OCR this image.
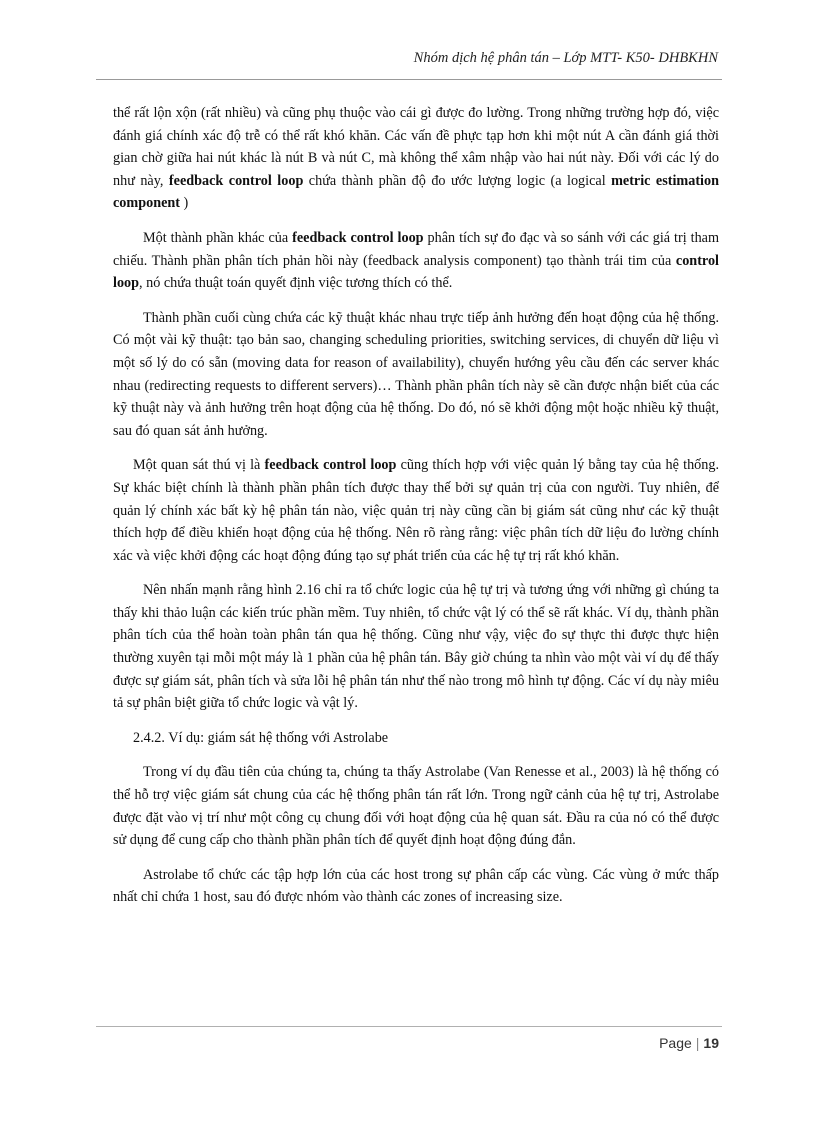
Nhóm dịch hệ phân tán – Lớp MTT- K50- DHBKHN

thể rất lộn xộn (rất nhiều) và cũng phụ thuộc vào cái gì được đo lường. Trong những trường hợp đó, việc đánh giá chính xác độ trễ có thể rất khó khăn. Các vấn đề phực tạp hơn khi một nút A cần đánh giá thời gian chờ giữa hai nút khác là nút B và nút C, mà không thể xâm nhập vào hai nút này. Đối với các lý do như này, feedback control loop chứa thành phần độ đo ước lượng logic (a logical metric estimation component )

Một thành phần khác của feedback control loop phân tích sự đo đạc và so sánh với các giá trị tham chiếu. Thành phần phân tích phản hồi này (feedback analysis component) tạo thành trái tim của control loop, nó chứa thuật toán quyết định việc tương thích có thể.

Thành phần cuối cùng chứa các kỹ thuật khác nhau trực tiếp ảnh hưởng đến hoạt động của hệ thống. Có một vài kỹ thuật: tạo bản sao, changing scheduling priorities, switching services, di chuyển dữ liệu vì một số lý do có sẵn (moving data for reason of availability), chuyển hướng yêu cầu đến các server khác nhau (redirecting requests to different servers)… Thành phần phân tích này sẽ cần được nhận biết của các kỹ thuật này và ảnh hưởng trên hoạt động của hệ thống. Do đó, nó sẽ khởi động một hoặc nhiều kỹ thuật, sau đó quan sát ảnh hưởng.

Một quan sát thú vị là feedback control loop cũng thích hợp với việc quản lý bằng tay của hệ thống. Sự khác biệt chính là thành phần phân tích được thay thế bởi sự quản trị của con người. Tuy nhiên, để quản lý chính xác bất kỳ hệ phân tán nào, việc quản trị này cũng cần bị giám sát cũng như các kỹ thuật thích hợp để điều khiển hoạt động của hệ thống. Nên rõ ràng rằng: việc phân tích dữ liệu đo lường chính xác và việc khởi động các hoạt động đúng tạo sự phát triển của các hệ tự trị rất khó khăn.

Nên nhấn mạnh rằng hình 2.16 chỉ ra tổ chức logic của hệ tự trị và tương ứng với những gì chúng ta thấy khi thảo luận các kiến trúc phần mềm. Tuy nhiên, tổ chức vật lý có thể sẽ rất khác. Ví dụ, thành phần phân tích của thể hoàn toàn phân tán qua hệ thống. Cũng như vậy, việc đo sự thực thi được thực hiện thường xuyên tại mỗi một máy là 1 phần của hệ phân tán. Bây giờ chúng ta nhìn vào một vài ví dụ để thấy được sự giám sát, phân tích và sửa lỗi hệ phân tán như thế nào trong mô hình tự động. Các ví dụ này miêu tả sự phân biệt giữa tổ chức logic và vật lý.

2.4.2. Ví dụ: giám sát hệ thống với Astrolabe

Trong ví dụ đầu tiên của chúng ta, chúng ta thấy Astrolabe (Van Renesse et al., 2003) là hệ thống có thể hỗ trợ việc giám sát chung của các hệ thống phân tán rất lớn. Trong ngữ cảnh của hệ tự trị, Astrolabe được đặt vào vị trí như một công cụ chung đối với hoạt động của hệ quan sát. Đầu ra của nó có thể được sử dụng để cung cấp cho thành phần phân tích để quyết định hoạt động đúng đắn.

Astrolabe tổ chức các tập hợp lớn của các host trong sự phân cấp các vùng. Các vùng ở mức thấp nhất chỉ chứa 1 host, sau đó được nhóm vào thành các zones of increasing size.

Page | 19
